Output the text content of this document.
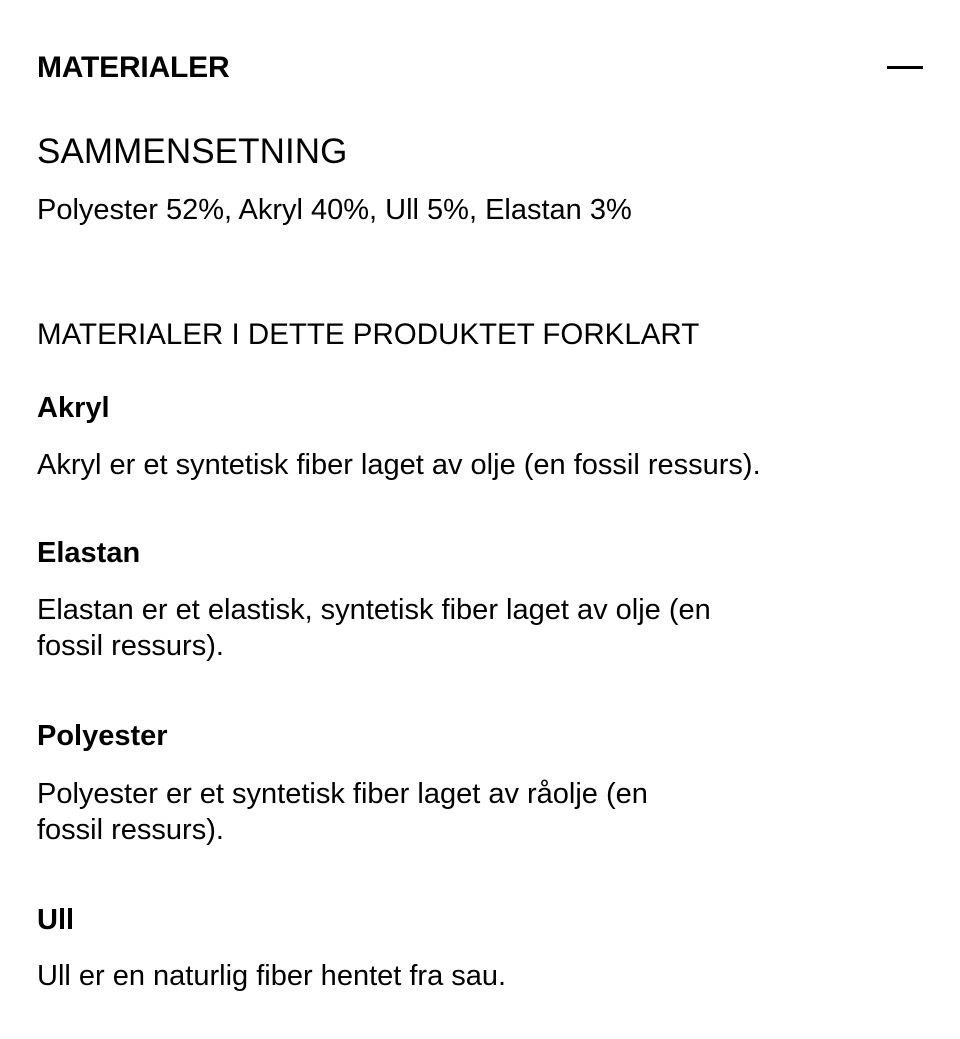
MATERIALER
SAMMENSETNING
Polyester 52%, Akryl 40%, Ull 5%, Elastan 3%
MATERIALER I DETTE PRODUKTET FORKLART
Akryl
Akryl er et syntetisk fiber laget av olje (en fossil ressurs).
Elastan
Elastan er et elastisk, syntetisk fiber laget av olje (en
fossil ressurs).
Polyester
Polyester er et syntetisk fiber laget av råolje (en
fossil ressurs).
Ull
Ull er en naturlig fiber hentet fra sau.
